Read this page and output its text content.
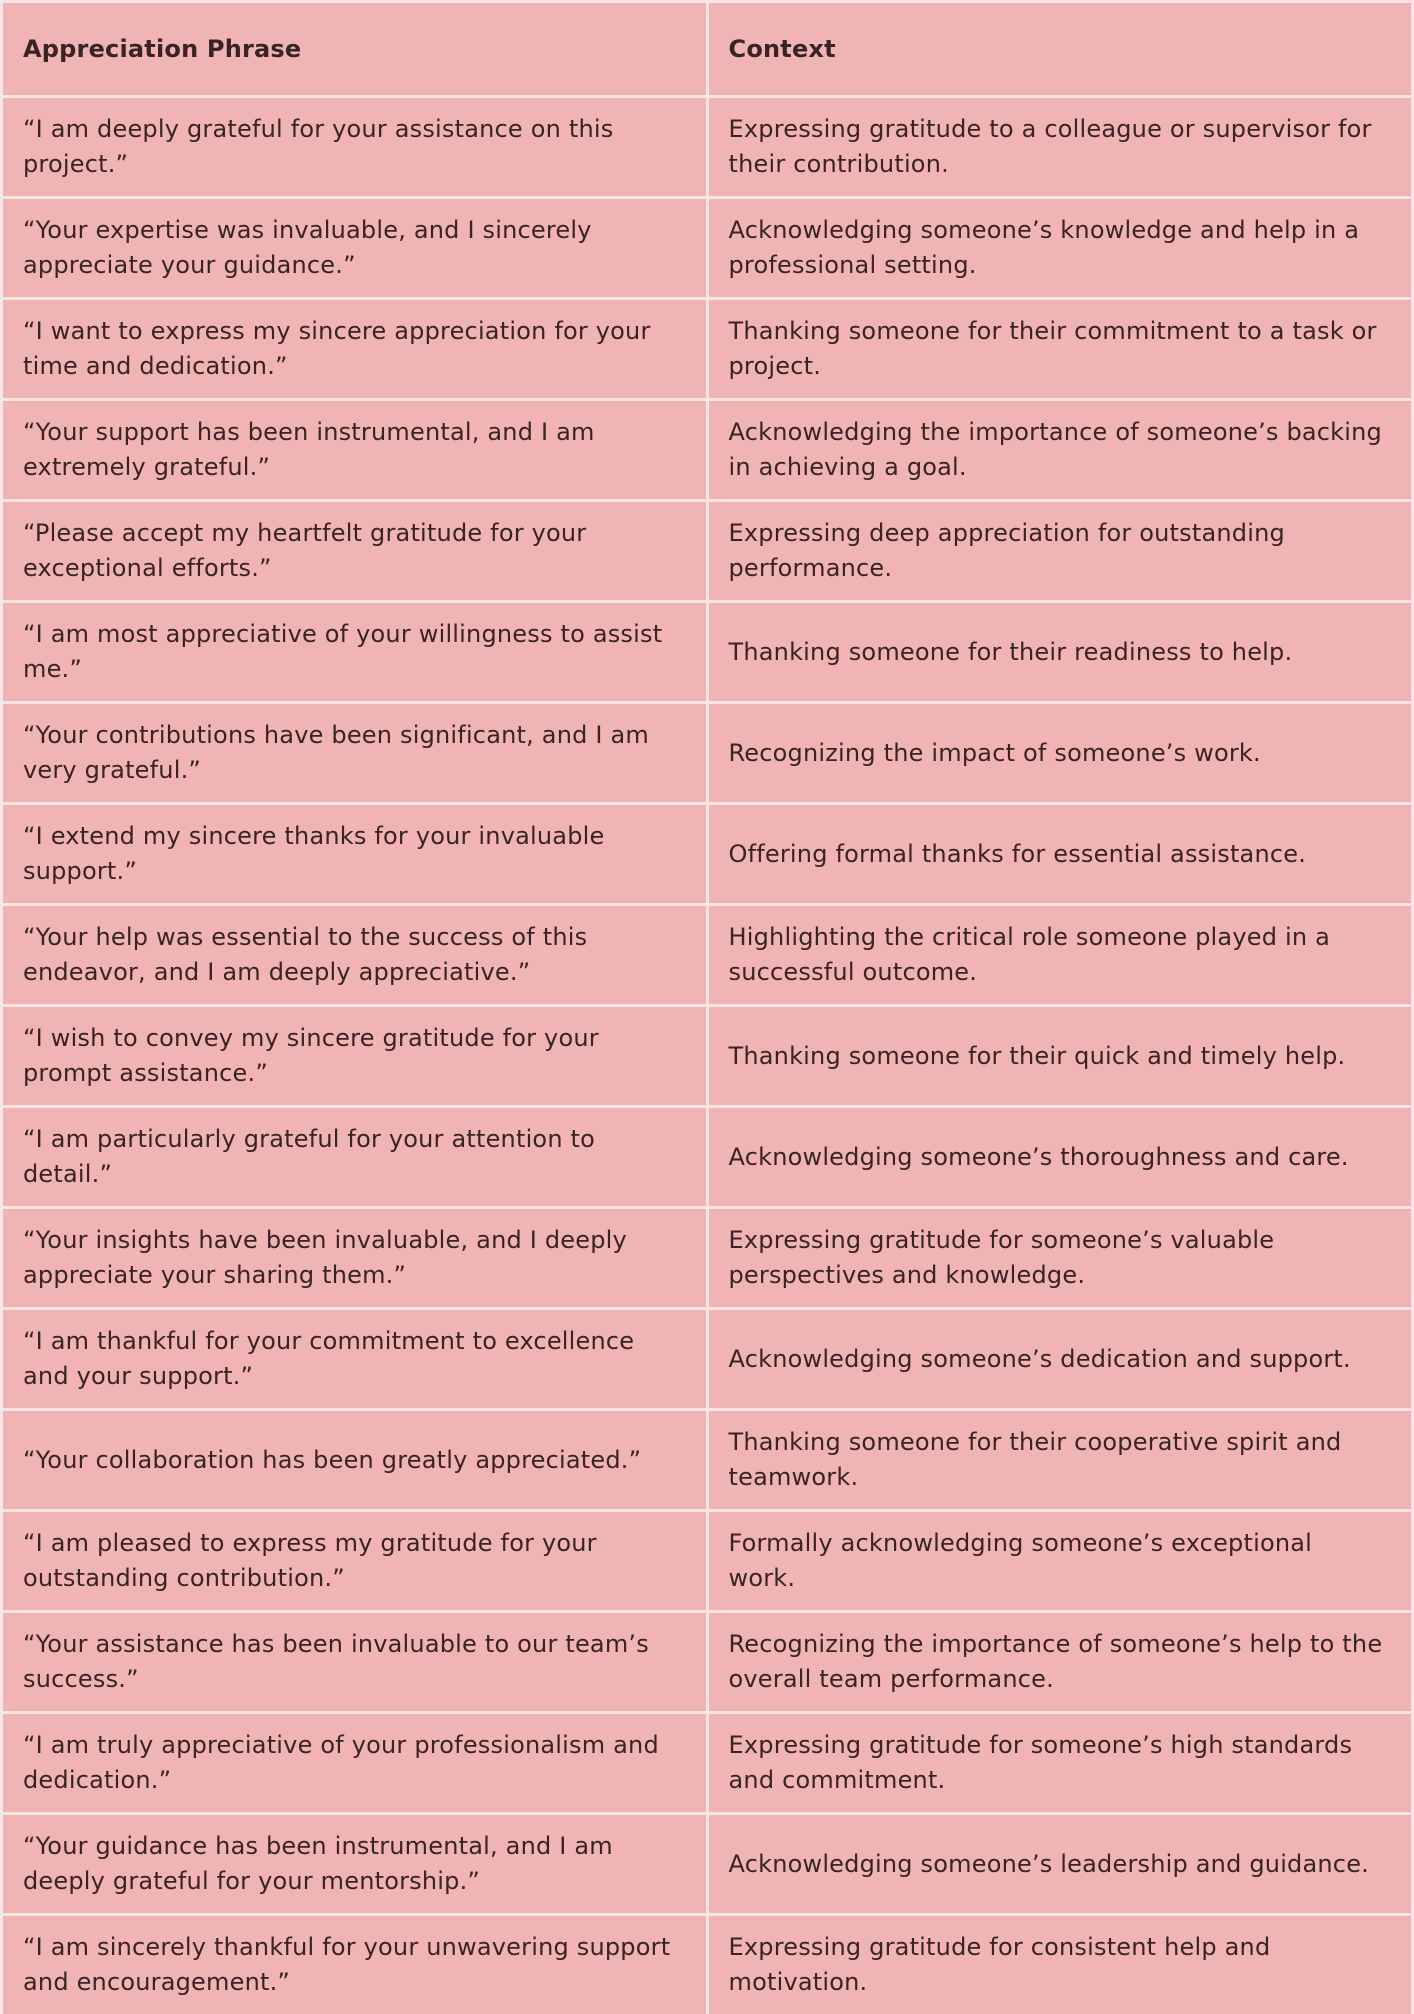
Appreciation Phrase	Context
“I am deeply grateful for your assistance on this project.”
Expressing gratitude to a colleague or supervisor for their contribution.
“Your expertise was invaluable, and I sincerely appreciate your guidance.”
Acknowledging someone’s knowledge and help in a professional setting.
“I want to express my sincere appreciation for your time and dedication.”
Thanking someone for their commitment to a task or project.
“Your support has been instrumental, and I am extremely grateful.”
Acknowledging the importance of someone’s backing in achieving a goal.
“Please accept my heartfelt gratitude for your exceptional efforts.”
Expressing deep appreciation for outstanding performance.
“I am most appreciative of your willingness to assist me.”
Thanking someone for their readiness to help.
“Your contributions have been significant, and I am very grateful.”
Recognizing the impact of someone’s work.
“I extend my sincere thanks for your invaluable support.”
Offering formal thanks for essential assistance.
“Your help was essential to the success of this endeavor, and I am deeply appreciative.”
Highlighting the critical role someone played in a successful outcome.
“I wish to convey my sincere gratitude for your prompt assistance.”
Thanking someone for their quick and timely help.
“I am particularly grateful for your attention to detail.”
Acknowledging someone’s thoroughness and care.
“Your insights have been invaluable, and I deeply appreciate your sharing them.”
Expressing gratitude for someone’s valuable perspectives and knowledge.
“I am thankful for your commitment to excellence and your support.”
Acknowledging someone’s dedication and support.
“Your collaboration has been greatly appreciated.”
Thanking someone for their cooperative spirit and teamwork.
“I am pleased to express my gratitude for your outstanding contribution.”
Formally acknowledging someone’s exceptional work.
“Your assistance has been invaluable to our team’s success.”
Recognizing the importance of someone’s help to the overall team performance.
“I am truly appreciative of your professionalism and dedication.”
Expressing gratitude for someone’s high standards and commitment.
“Your guidance has been instrumental, and I am deeply grateful for your mentorship.”
Acknowledging someone’s leadership and guidance.
“I am sincerely thankful for your unwavering support and encouragement.”
Expressing gratitude for consistent help and motivation.
